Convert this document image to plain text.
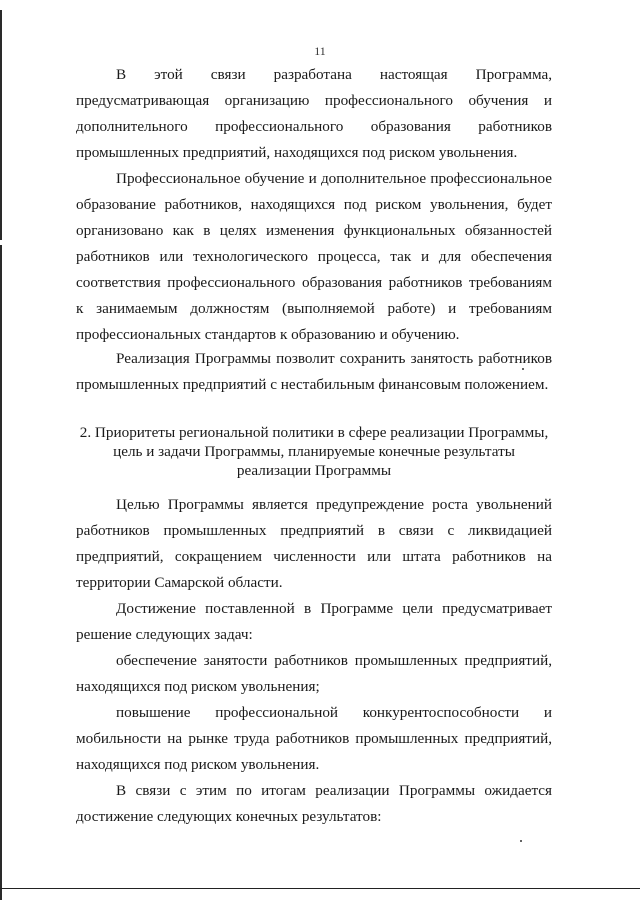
11

В этой связи разработана настоящая Программа, предусматривающая организацию профессионального обучения и дополнительного профессионального образования работников промышленных предприятий, находящихся под риском увольнения.

Профессиональное обучение и дополнительное профессиональное образование работников, находящихся под риском увольнения, будет организовано как в целях изменения функциональных обязанностей работников или технологического процесса, так и для обеспечения соответствия профессионального образования работников требованиям к занимаемым должностям (выполняемой работе) и требованиям профессиональных стандартов к образованию и обучению.

Реализация Программы позволит сохранить занятость работников промышленных предприятий с нестабильным финансовым положением.

2. Приоритеты региональной политики в сфере реализации Программы,
цель и задачи Программы, планируемые конечные результаты
реализации Программы

Целью Программы является предупреждение роста увольнений работников промышленных предприятий в связи с ликвидацией предприятий, сокращением численности или штата работников на территории Самарской области.

Достижение поставленной в Программе цели предусматривает решение следующих задач:

обеспечение занятости работников промышленных предприятий, находящихся под риском увольнения;

повышение профессиональной конкурентоспособности и мобильности на рынке труда работников промышленных предприятий, находящихся под риском увольнения.

В связи с этим по итогам реализации Программы ожидается достижение следующих конечных результатов:
